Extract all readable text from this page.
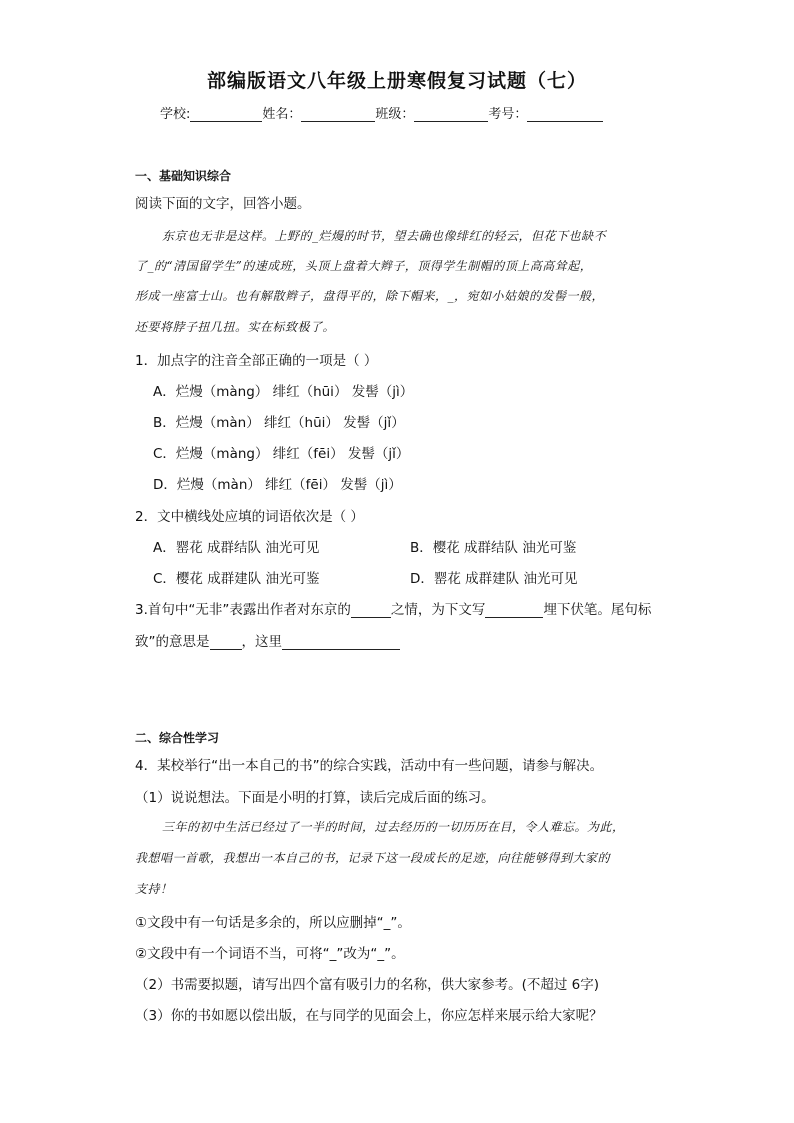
部编版语文八年级上册寒假复习试题（七）
学校:	姓名：	班级：	考号：
一、基础知识综合
阅读下面的文字，回答小题。
东京也无非是这样。上野的_烂熳的时节，望去确也像绯红的轻云，但花下也缺不
了_的“清国留学生”的速成班，头顶上盘着大辫子，顶得学生制帽的顶上高高耸起，
形成一座富士山。也有解散辫子，盘得平的，除下帽来，_，宛如小姑娘的发髻一般，
还要将脖子扭几扭。实在标致极了。
1．加点字的注音全部正确的一项是（ ）
A．烂熳（màng） 绯红（hūi） 发髻（jì）
B．烂熳（màn） 绯红（hūi） 发髻（jǐ）
C．烂熳（màng） 绯红（fēi） 发髻（jǐ）
D．烂熳（màn） 绯红（fēi） 发髻（jì）
2．文中横线处应填的词语依次是（ ）
A．罂花 成群结队 油光可见	B．樱花 成群结队 油光可鉴
C．樱花 成群建队 油光可鉴	D．罂花 成群建队 油光可见
3.首句中“无非”表露出作者对东京的	之情，为下文写	埋下伏笔。尾句标
致”的意思是 ，这里
二、综合性学习
4．某校举行“出一本自己的书”的综合实践，活动中有一些问题，请参与解决。
（1）说说想法。下面是小明的打算，读后完成后面的练习。
三年的初中生活已经过了一半的时间，过去经历的一切历历在目，令人难忘。为此，
我想唱一首歌，我想出一本自己的书，记录下这一段成长的足迹，向往能够得到大家的
支持！
①文段中有一句话是多余的，所以应删掉“_”。
②文段中有一个词语不当，可将“_”改为“_”。
（2）书需要拟题，请写出四个富有吸引力的名称，供大家参考。(不超过 6字)
（3）你的书如愿以偿出版，在与同学的见面会上，你应怎样来展示给大家呢？
